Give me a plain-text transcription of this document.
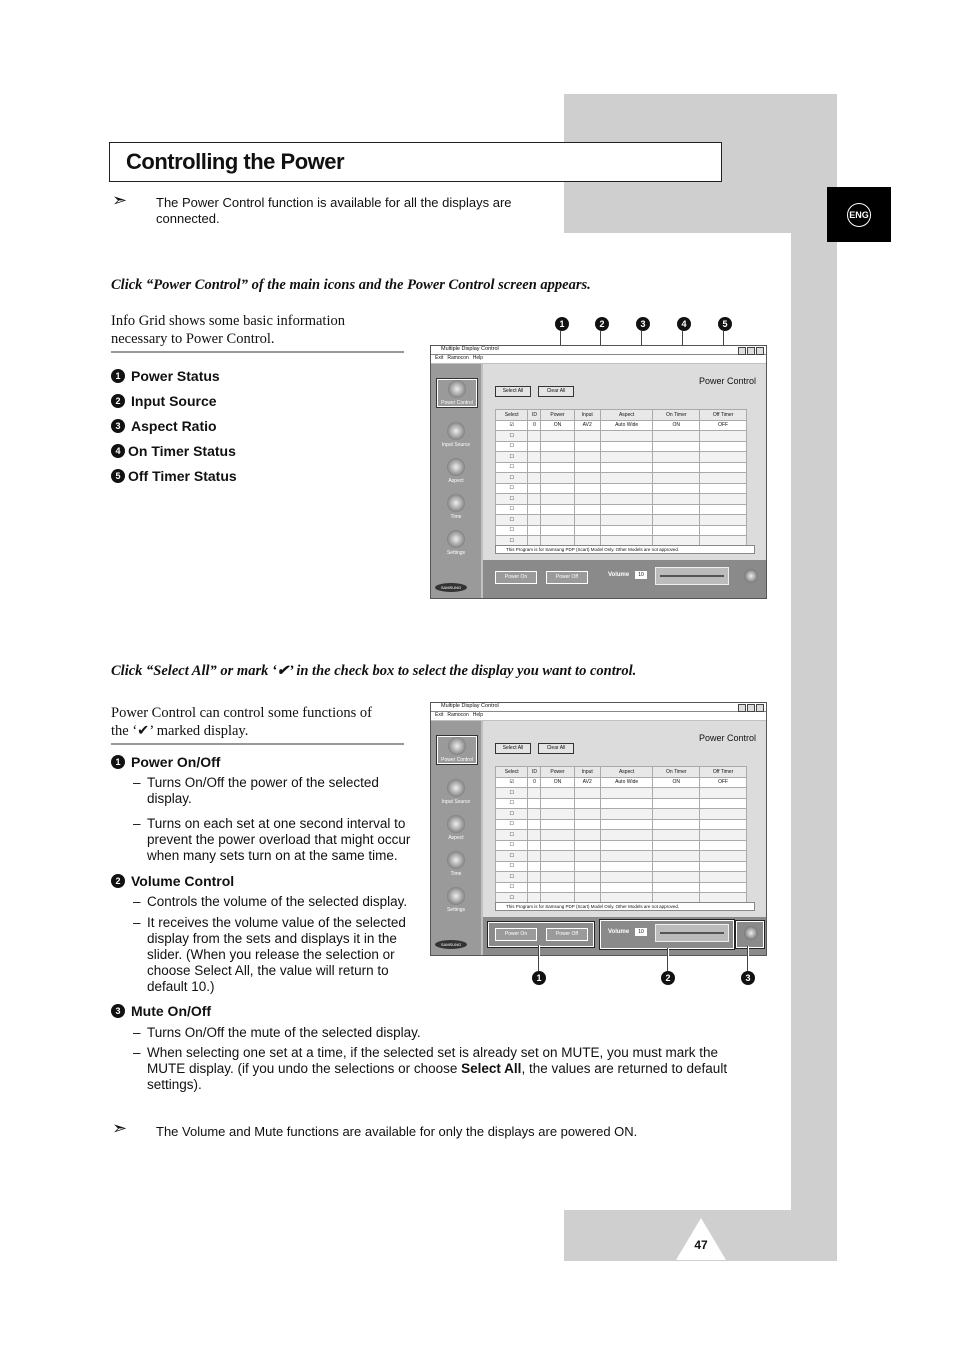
ENG
Controlling the Power
➣ The Power Control function is available for all the displays are connected.
Click “Power Control” of the main icons and the Power Control screen appears.
Info Grid shows some basic information
necessary to Power Control.
1 Power Status
2 Input Source
3 Aspect Ratio
4 On Timer Status
5 Off Timer Status
1	2	3	4	5
Multiple Display Control
Exit Ramocon Help
Power Control
Input Source
Aspect
Time
Settings
SAMSUNG
Power Control
Select All	Clear All
Select	ID	Power	Input	Aspect	On Timer	Off Timer
☑	0	ON	AV2	Auto Wide	ON	OFF
☐						
☐						
☐						
☐						
☐						
☐						
☐						
☐						
☐						
☐						
☐						
This Program is for Samsung PDP (Scart) Model Only. Other Models are not approved.
Power On	Power Off	Volume	10
Click “Select All” or mark ‘✔’ in the check box to select the display you want to control.
Power Control can control some functions of
the ‘✔’ marked display.
1 Power On/Off
– Turns On/Off the power of the selected display.
– Turns on each set at one second interval to prevent the power overload that might occur when many sets turn on at the same time.
2 Volume Control
– Controls the volume of the selected display.
– It receives the volume value of the selected display from the sets and displays it in the slider. (When you release the selection or choose Select All, the value will return to default 10.)
3 Mute On/Off
– Turns On/Off the mute of the selected display.
– When selecting one set at a time, if the selected set is already set on MUTE, you must mark the MUTE display. (if you undo the selections or choose Select All, the values are returned to default settings).
Multiple Display Control
Exit Ramocon Help
Power Control
Input Source
Aspect
Time
Settings
SAMSUNG
Power Control
Select All	Clear All
Select	ID	Power	Input	Aspect	On Timer	Off Timer
☑	0	ON	AV2	Auto Wide	ON	OFF
☐						
☐						
☐						
☐						
☐						
☐						
☐						
☐						
☐						
☐						
☐						
This Program is for Samsung PDP (Scart) Model Only. Other Models are not approved.
Power On	Power Off	Volume	10
1	2	3
➣ The Volume and Mute functions are available for only the displays are powered ON.
47
